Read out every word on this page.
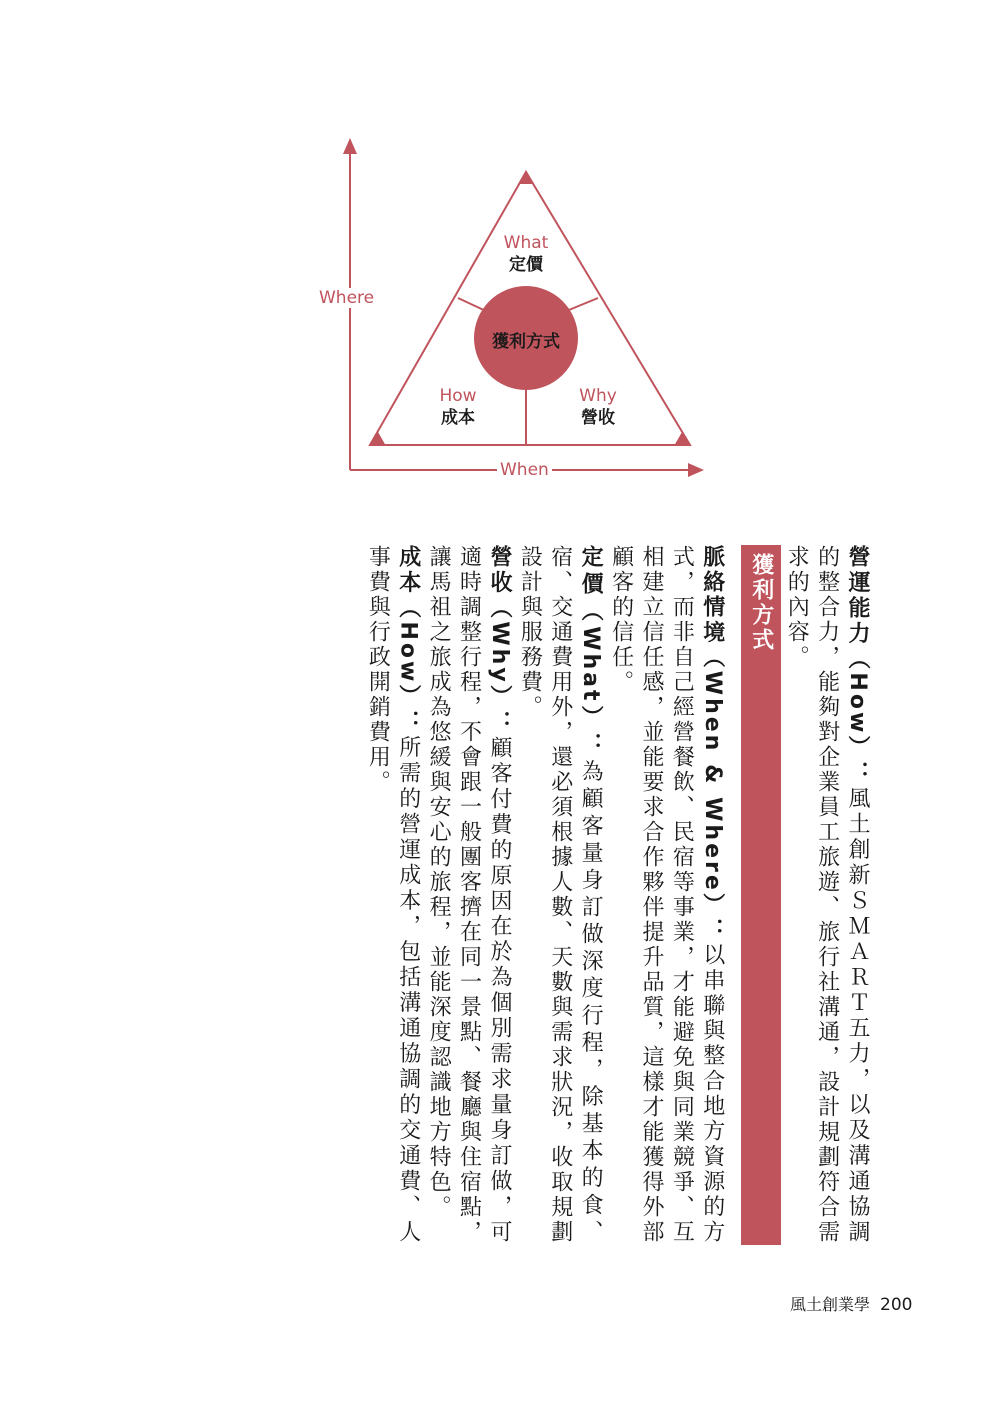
Where
When
獲利方式
What
定價
How
成本
Why
營收

營運能力（How）：風土創新ＳＭＡＲＴ五力，以及溝通協調的整合力，能夠對企業員工旅遊、旅行社溝通，設計規劃符合需求的內容。

獲利方式

脈絡情境（When & Where）：以串聯與整合地方資源的方式，而非自己經營餐飲、民宿等事業，才能避免與同業競爭、互相建立信任感，並能要求合作夥伴提升品質，這樣才能獲得外部顧客的信任。

定價（What）：為顧客量身訂做深度行程，除基本的食、宿、交通費用外，還必須根據人數、天數與需求狀況，收取規劃設計與服務費。

營收（Why）：顧客付費的原因在於為個別需求量身訂做，可適時調整行程，不會跟一般團客擠在同一景點、餐廳與住宿點，讓馬祖之旅成為悠緩與安心的旅程，並能深度認識地方特色。

成本（How）：所需的營運成本，包括溝通協調的交通費、人事費與行政開銷費用。

風土創業學 200
